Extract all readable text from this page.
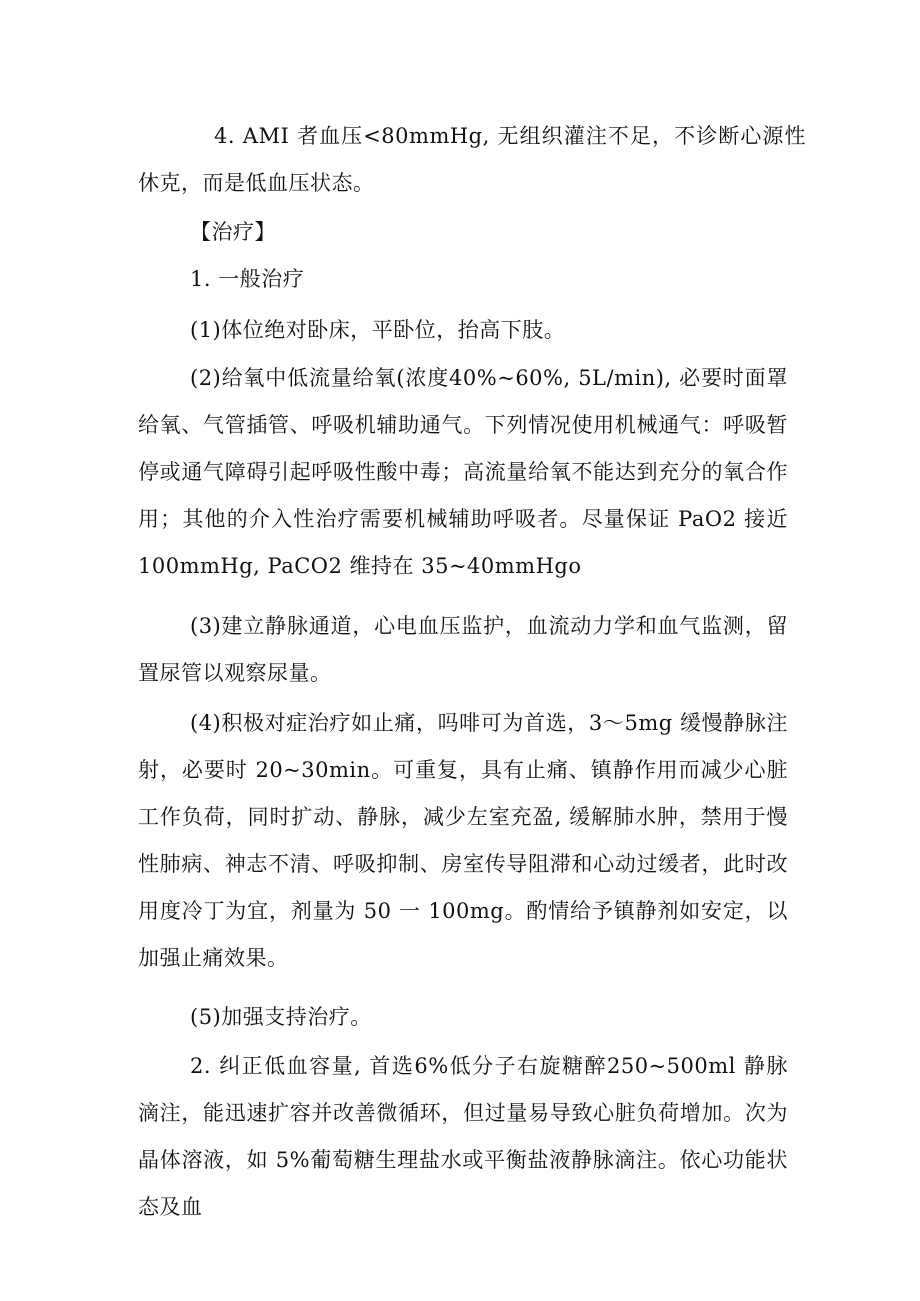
4. AMI 者血压<80mmHg, 无组织灌注不足，不诊断心源性休克，而是低血压状态。

【治疗】

1. 一般治疗

(1)体位绝对卧床，平卧位，抬高下肢。

(2)给氧中低流量给氧(浓度40%~60%, 5L/min), 必要时面罩给氧、气管插管、呼吸机辅助通气。下列情况使用机械通气：呼吸暂停或通气障碍引起呼吸性酸中毒；高流量给氧不能达到充分的氧合作用；其他的介入性治疗需要机械辅助呼吸者。尽量保证 PaO2 接近100mmHg, PaCO2 维持在 35~40mmHgo

(3)建立静脉通道，心电血压监护，血流动力学和血气监测，留置尿管以观察尿量。

(4)积极对症治疗如止痛，吗啡可为首选，3～5mg 缓慢静脉注射，必要时 20~30min。可重复，具有止痛、镇静作用而减少心脏工作负荷，同时扩动、静脉，减少左室充盈, 缓解肺水肿，禁用于慢性肺病、神志不清、呼吸抑制、房室传导阻滞和心动过缓者，此时改用度冷丁为宜，剂量为 50 一 100mg。酌情给予镇静剂如安定，以加强止痛效果。

(5)加强支持治疗。

2. 纠正低血容量, 首选6%低分子右旋糖醉250~500ml 静脉滴注，能迅速扩容并改善微循环，但过量易导致心脏负荷增加。次为晶体溶液，如 5%葡萄糖生理盐水或平衡盐液静脉滴注。依心功能状态及血
